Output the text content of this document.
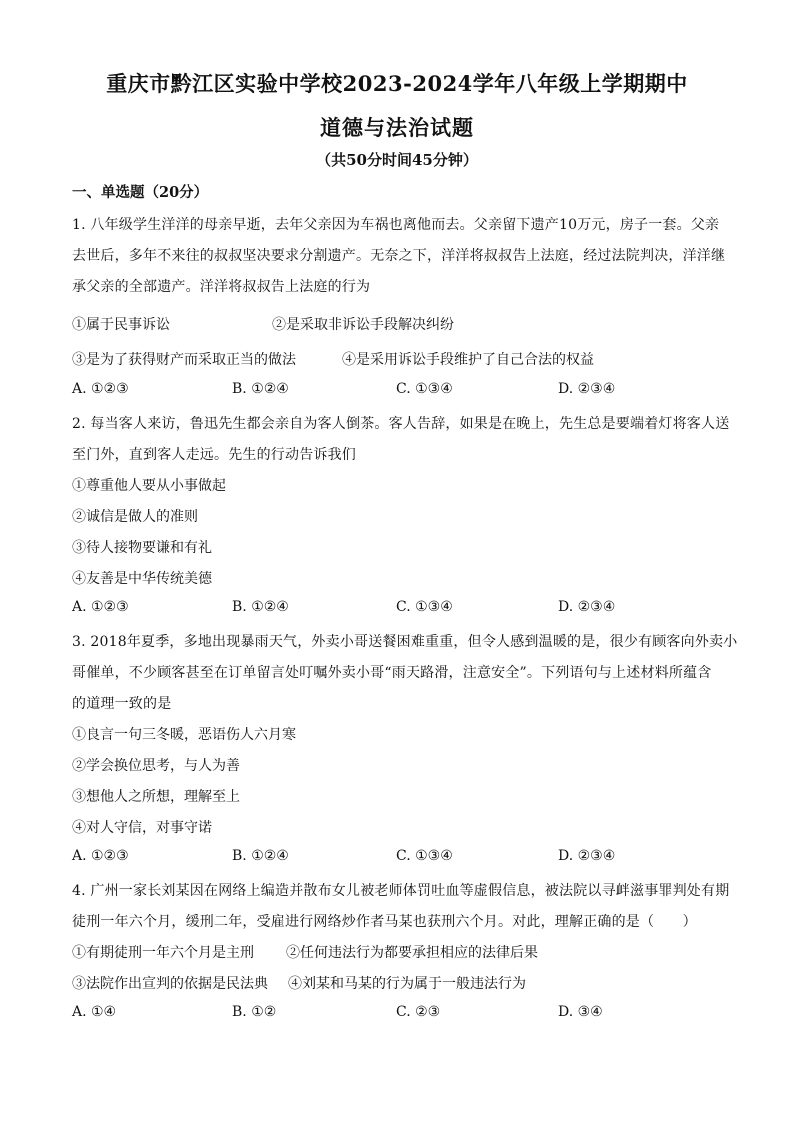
重庆市黔江区实验中学校2023-2024学年八年级上学期期中
道德与法治试题
（共50分时间45分钟）
一、单选题（20分）
1. 八年级学生洋洋的母亲早逝，去年父亲因为车祸也离他而去。父亲留下遗产10万元，房子一套。父亲
去世后，多年不来往的叔叔坚决要求分割遗产。无奈之下，洋洋将叔叔告上法庭，经过法院判决，洋洋继
承父亲的全部遗产。洋洋将叔叔告上法庭的行为
①属于民事诉讼	②是采取非诉讼手段解决纠纷
③是为了获得财产而采取正当的做法	④是采用诉讼手段维护了自己合法的权益
A. ①②③	B. ①②④	C. ①③④	D. ②③④
2. 每当客人来访，鲁迅先生都会亲自为客人倒茶。客人告辞，如果是在晚上，先生总是要端着灯将客人送
至门外，直到客人走远。先生的行动告诉我们
①尊重他人要从小事做起
②诚信是做人的准则
③待人接物要谦和有礼
④友善是中华传统美德
A. ①②③	B. ①②④	C. ①③④	D. ②③④
3. 2018年夏季，多地出现暴雨天气，外卖小哥送餐困难重重，但令人感到温暖的是，很少有顾客向外卖小
哥催单，不少顾客甚至在订单留言处叮嘱外卖小哥“雨天路滑，注意安全”。下列语句与上述材料所蕴含
的道理一致的是
①良言一句三冬暖，恶语伤人六月寒
②学会换位思考，与人为善
③想他人之所想，理解至上
④对人守信，对事守诺
A. ①②③	B. ①②④	C. ①③④	D. ②③④
4. 广州一家长刘某因在网络上编造并散布女儿被老师体罚吐血等虚假信息，被法院以寻衅滋事罪判处有期
徒刑一年六个月，缓刑二年，受雇进行网络炒作者马某也获刑六个月。对此，理解正确的是（　　）
①有期徒刑一年六个月是主刑 ②任何违法行为都要承担相应的法律后果
③法院作出宣判的依据是民法典 ④刘某和马某的行为属于一般违法行为
A. ①④	B. ①②	C. ②③	D. ③④
